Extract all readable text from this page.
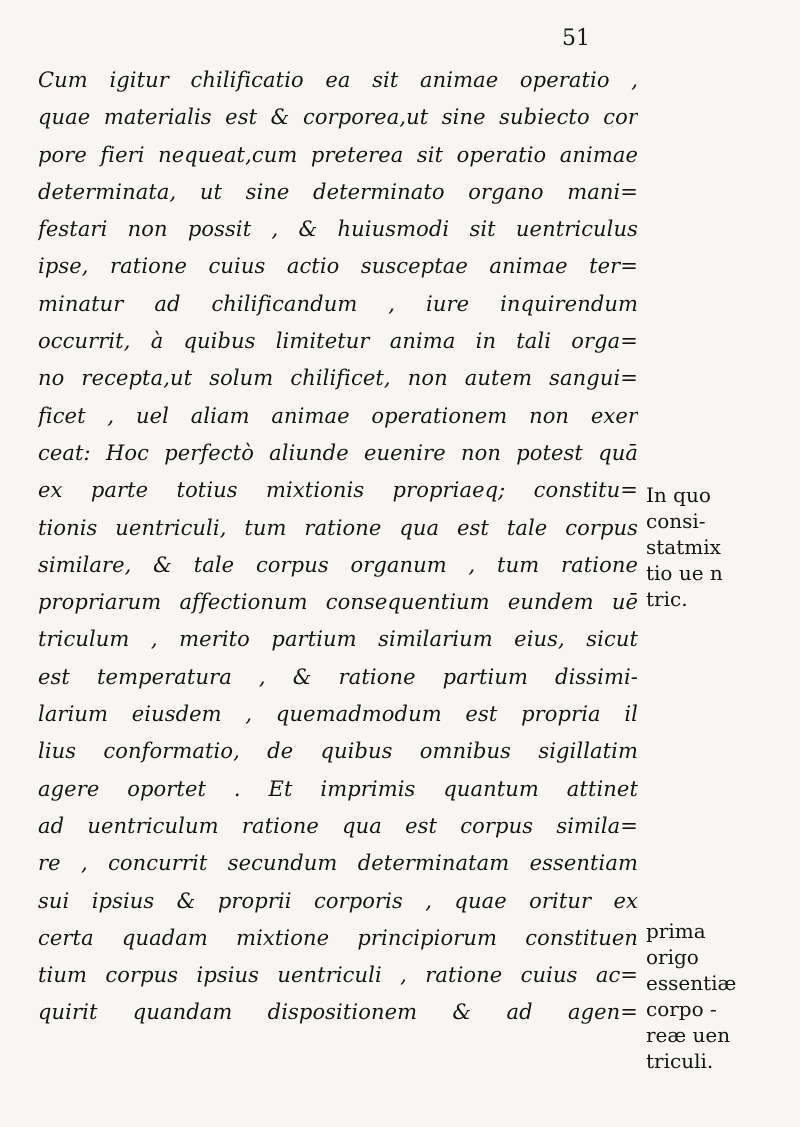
51
Cum igitur chilificatio ea sit animae operatio ,
quae materialis est & corporea,ut sine subiecto cor
pore fieri nequeat,cum preterea sit operatio animae
determinata, ut sine determinato organo mani=
festari non possit , & huiusmodi sit uentriculus
ipse, ratione cuius actio susceptae animae ter=
minatur ad chilificandum , iure inquirendum
occurrit, à quibus limitetur anima in tali orga=
no recepta,ut solum chilificet, non autem sangui=
ficet , uel aliam animae operationem non exer
ceat: Hoc perfectò aliunde euenire non potest quā
ex parte totius mixtionis propriaeq; constitu=
tionis uentriculi, tum ratione qua est tale corpus
similare, & tale corpus organum , tum ratione
propriarum affectionum consequentium eundem uē
triculum , merito partium similarium eius, sicut
est temperatura , & ratione partium dissimi-
larium eiusdem , quemadmodum est propria il
lius conformatio, de quibus omnibus sigillatim
agere oportet . Et imprimis quantum attinet
ad uentriculum ratione qua est corpus simila=
re , concurrit secundum determinatam essentiam
sui ipsius & proprii corporis , quae oritur ex
certa quadam mixtione principiorum constituen
tium corpus ipsius uentriculi , ratione cuius ac=
quirit quandam dispositionem & ad agen=
In quo
consi-
statmix
tio ue n
tric.
prima
origo
essentiæ
corpo -
reæ uen
triculi.
